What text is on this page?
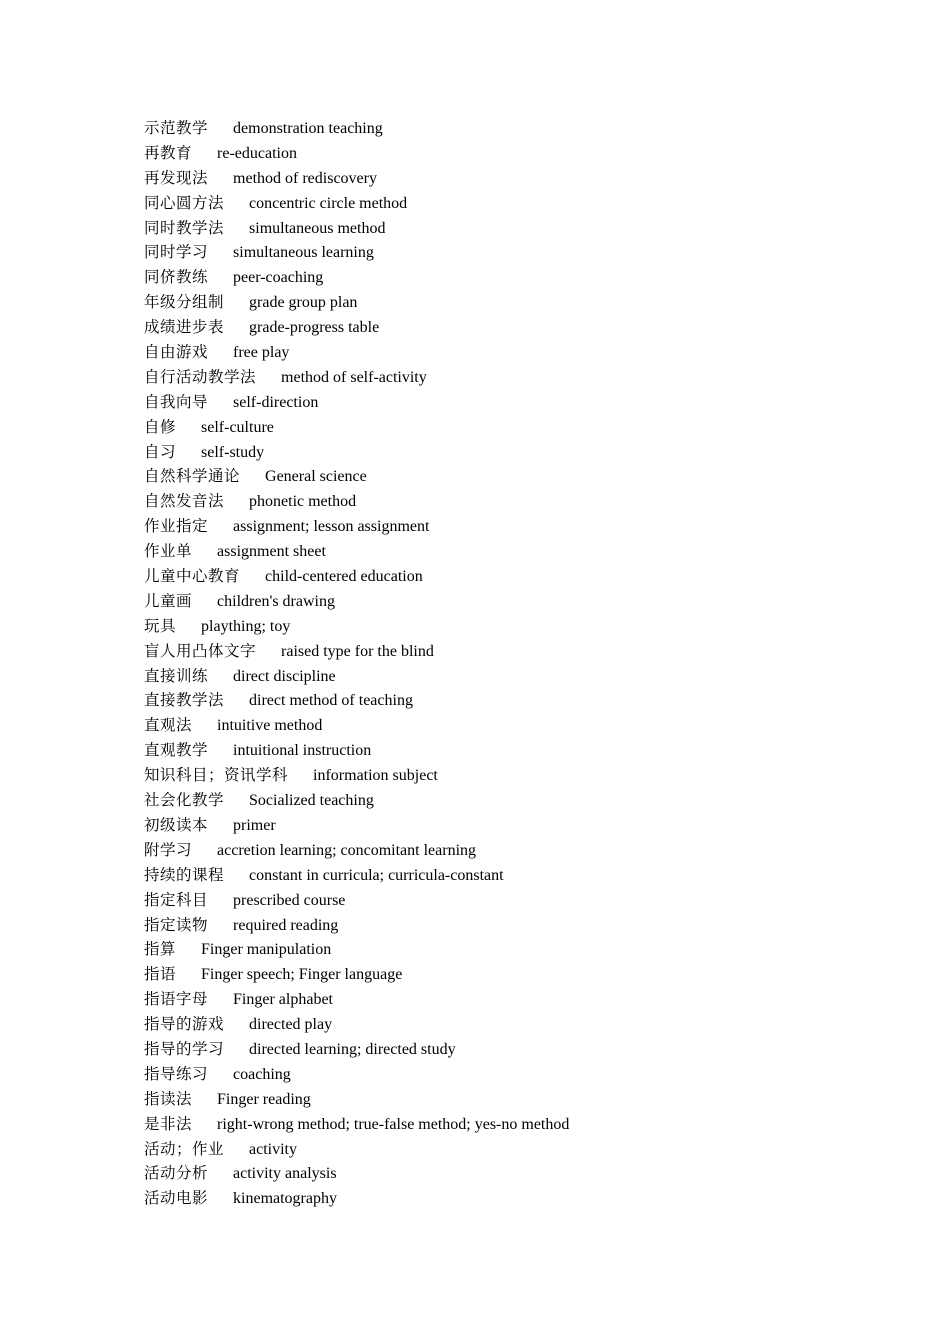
示范教学 demonstration teaching
再教育 re-education
再发现法 method of rediscovery
同心圆方法 concentric circle method
同时教学法 simultaneous method
同时学习 simultaneous learning
同侪教练 peer-coaching
年级分组制 grade group plan
成绩进步表 grade-progress table
自由游戏 free play
自行活动教学法 method of self-activity
自我向导 self-direction
自修 self-culture
自习 self-study
自然科学通论 General science
自然发音法 phonetic method
作业指定 assignment; lesson assignment
作业单 assignment sheet
儿童中心教育 child-centered education
儿童画 children's drawing
玩具 plaything; toy
盲人用凸体文字 raised type for the blind
直接训练 direct discipline
直接教学法 direct method of teaching
直观法 intuitive method
直观教学 intuitional instruction
知识科目；资讯学科 information subject
社会化教学 Socialized teaching
初级读本 primer
附学习 accretion learning; concomitant learning
持续的课程 constant in curricula; curricula-constant
指定科目 prescribed course
指定读物 required reading
指算 Finger manipulation
指语 Finger speech; Finger language
指语字母 Finger alphabet
指导的游戏 directed play
指导的学习 directed learning; directed study
指导练习 coaching
指读法 Finger reading
是非法 right-wrong method; true-false method; yes-no method
活动；作业 activity
活动分析 activity analysis
活动电影 kinematography
